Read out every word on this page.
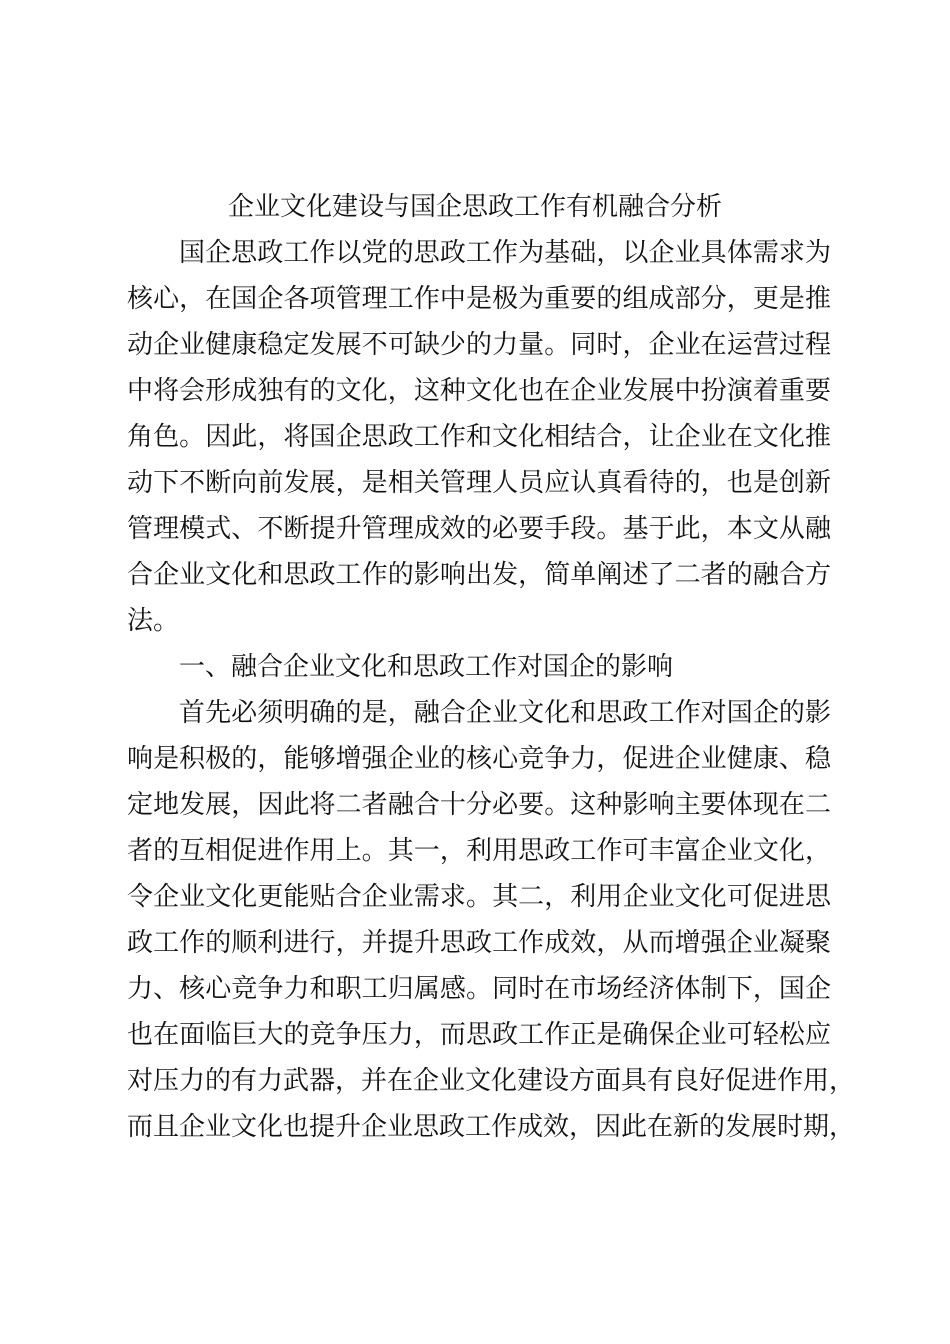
企业文化建设与国企思政工作有机融合分析
国企思政工作以党的思政工作为基础，以企业具体需求为
核心，在国企各项管理工作中是极为重要的组成部分，更是推
动企业健康稳定发展不可缺少的力量。同时，企业在运营过程
中将会形成独有的文化，这种文化也在企业发展中扮演着重要
角色。因此，将国企思政工作和文化相结合，让企业在文化推
动下不断向前发展，是相关管理人员应认真看待的，也是创新
管理模式、不断提升管理成效的必要手段。基于此，本文从融
合企业文化和思政工作的影响出发，简单阐述了二者的融合方
法。
一、融合企业文化和思政工作对国企的影响
首先必须明确的是，融合企业文化和思政工作对国企的影
响是积极的，能够增强企业的核心竞争力，促进企业健康、稳
定地发展，因此将二者融合十分必要。这种影响主要体现在二
者的互相促进作用上。其一，利用思政工作可丰富企业文化，
令企业文化更能贴合企业需求。其二，利用企业文化可促进思
政工作的顺利进行，并提升思政工作成效，从而增强企业凝聚
力、核心竞争力和职工归属感。同时在市场经济体制下，国企
也在面临巨大的竞争压力，而思政工作正是确保企业可轻松应
对压力的有力武器，并在企业文化建设方面具有良好促进作用，
而且企业文化也提升企业思政工作成效，因此在新的发展时期，
